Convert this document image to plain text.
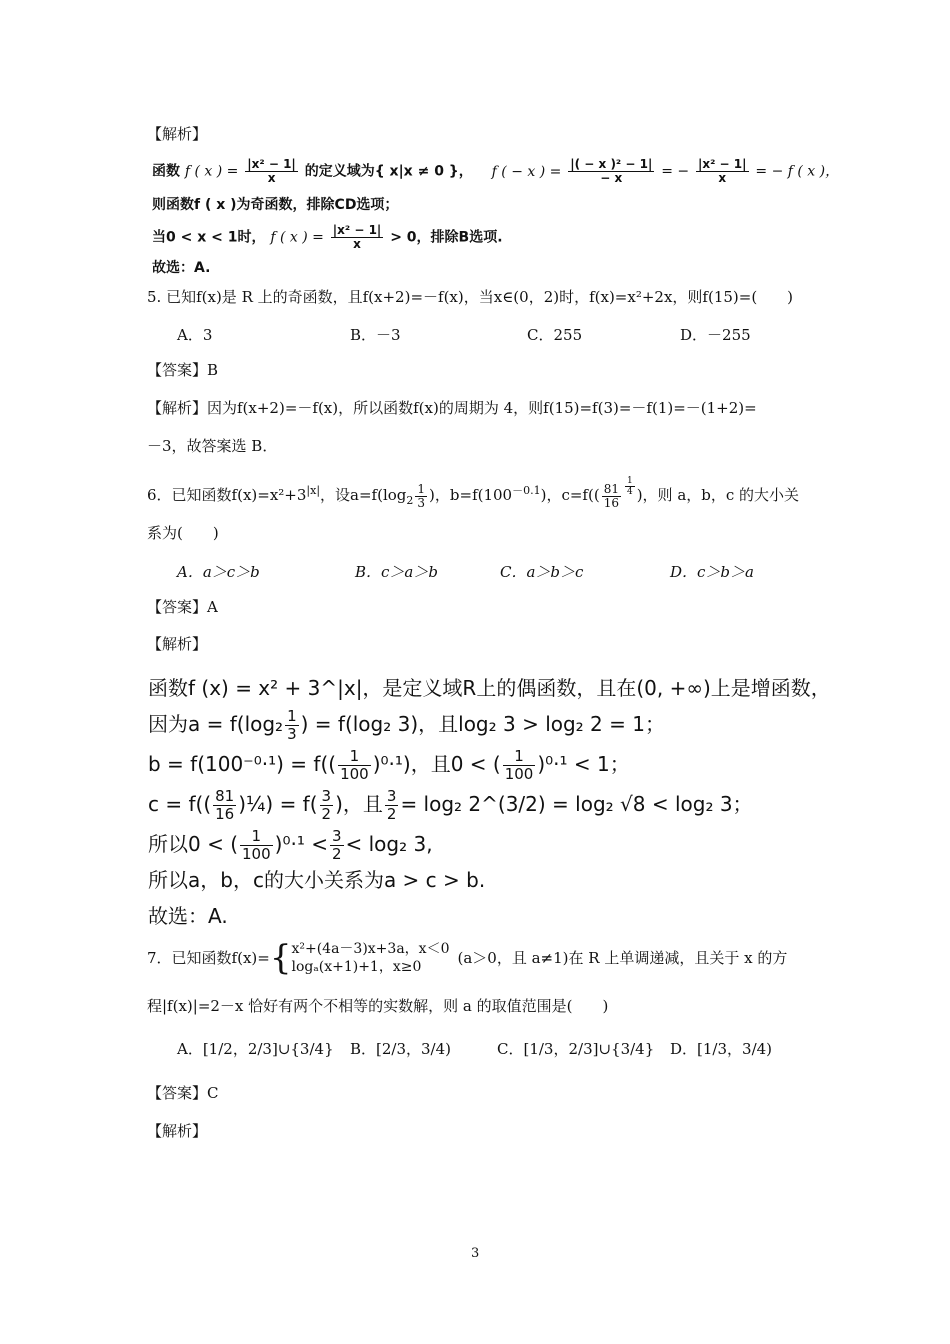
【解析】
函数 f ( x ) = $\frac{\text{|x² − 1|}}{x}$ 的定义域为{ x|x ≠ 0 }， f ( − x ) = $\frac{\text{|( − x )² − 1|}}{- x}$ = − $\frac{\text{|x² − 1|}}{x}$ = − f ( x )，
则函数f ( x )为奇函数，排除CD选项；
当0 < x < 1时， f ( x ) = $\frac{\text{|x² − 1|}}{x} > 0$，排除B选项.
故选：A.
5. 已知f(x)是 R 上的奇函数，且f(x+2)=－f(x)，当x∈(0，2)时，f(x)=x²+2x，则f(15)=(　　)
A．3	B．－3	C．255	D．－255
【答案】B
【解析】因为f(x+2)=－f(x)，所以函数f(x)的周期为 4，则f(15)=f(3)=－f(1)=－(1+2)=
－3，故答案选 B．
6．已知函数$f(x)=x^2+3^{|x|}$，设$a=f(\log_2 \frac{1}{3}$ )，$b=f(100^{-0.1})$，$c=f(( \frac{81}{16} \frac{1}{4}$ )，则 a，b，c 的大小关
系为(　　)
A．a＞c＞b	B．c＞a＞b	C．a＞b＞c	D．c＞b＞a
【答案】A
【解析】
函数f (x) = x² + 3^|x|，是定义域R上的偶函数，且在(0, +∞)上是增函数，
因为$a = f(\log_2 \frac{1}{3}$ ) = f(log₂ 3)，且log₂ 3 > log₂ 2 = 1；
$b = f(100^{-0}\cdot^1) = f(( \frac{1}{100} )^0\cdot^1)$，且0 < ( $\frac{1}{100} )^0\cdot^1 < 1$；
$c = f(( \frac{81}{16}$ )¼) = $f( \frac{3}{2}$ )，且 $\frac{3}{2} = \log_2$ 2^(3/2) = log₂ √8 < log₂ 3；
所以0 < ( $\frac{1}{100} )^0\cdot^1 < \frac{3}{2} < \log_2$ 3,
所以a，b，c的大小关系为a > c > b.
故选：A.
7．已知函数f(x)={ x²+(4a－3)x+3a，x＜0
logₐ(x+1)+1，x≥0	(a＞0，且 a≠1)在 R 上单调递减，且关于 x 的方
程|f(x)|=2－x 恰好有两个不相等的实数解，则 a 的取值范围是(　　)
A．[1/2，2/3]∪{3/4} B．[2/3，3/4)	C．[1/3，2/3]∪{3/4} D．[1/3，3/4)
【答案】C
【解析】
3
